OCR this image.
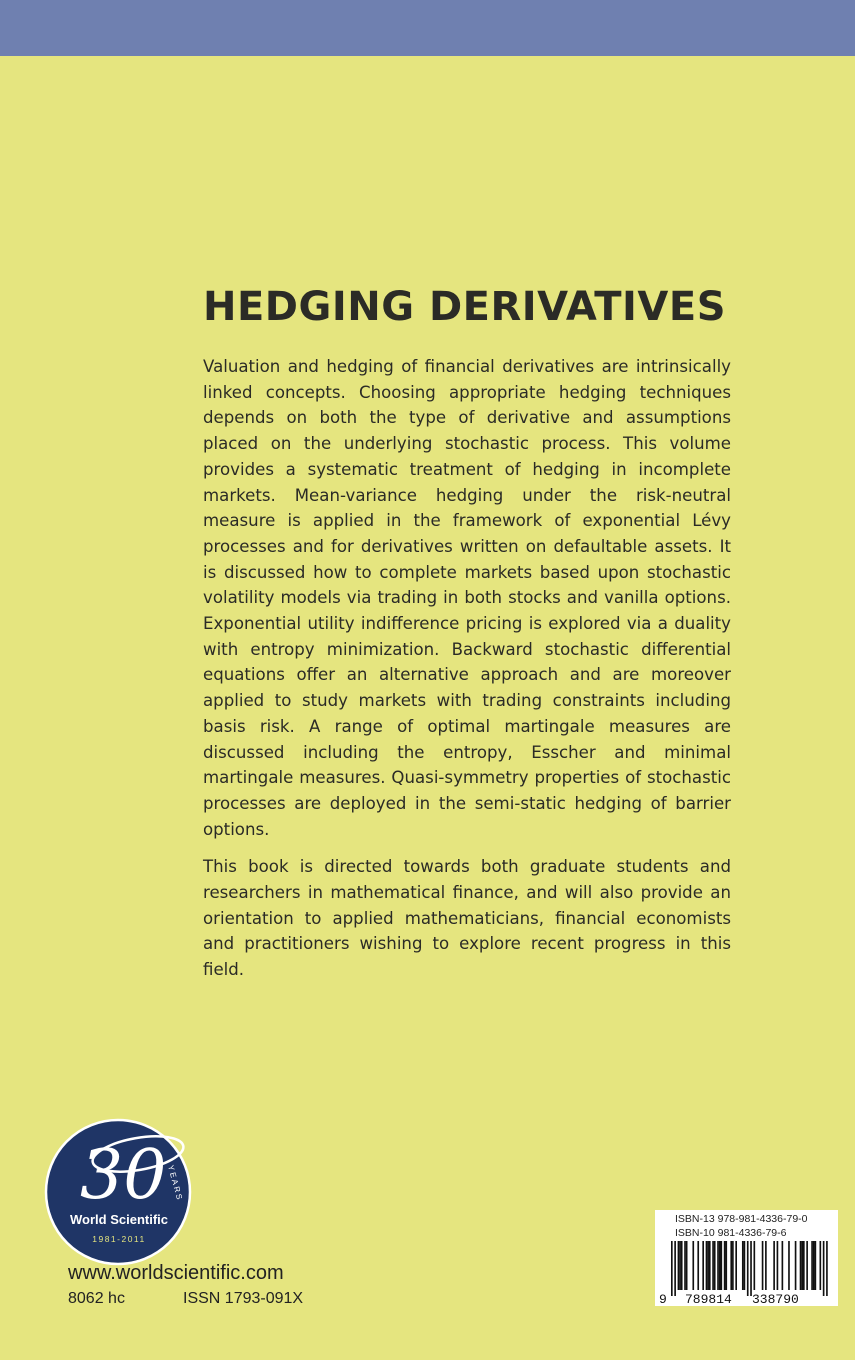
HEDGING DERIVATIVES

Valuation and hedging of financial derivatives are intrinsically linked concepts. Choosing appropriate hedging techniques depends on both the type of derivative and assumptions placed on the underlying stochastic process. This volume provides a systematic treatment of hedging in incomplete markets. Mean-variance hedging under the risk-neutral measure is applied in the framework of exponential Lévy processes and for derivatives written on defaultable assets. It is discussed how to complete markets based upon stochastic volatility models via trading in both stocks and vanilla options. Exponential utility indifference pricing is explored via a duality with entropy minimization. Backward stochastic differential equations offer an alternative approach and are moreover applied to study markets with trading constraints including basis risk. A range of optimal martingale measures are discussed including the entropy, Esscher and minimal martingale measures. Quasi-symmetry properties of stochastic processes are deployed in the semi-static hedging of barrier options.

This book is directed towards both graduate students and researchers in mathematical finance, and will also provide an orientation to applied mathematicians, financial economists and practitioners wishing to explore recent progress in this field.

30 YEARS
World Scientific
1981-2011
www.worldscientific.com
8062 hc	ISSN 1793-091X
ISBN-13 978-981-4336-79-0
ISBN-10 981-4336-79-6
9 789814 338790
